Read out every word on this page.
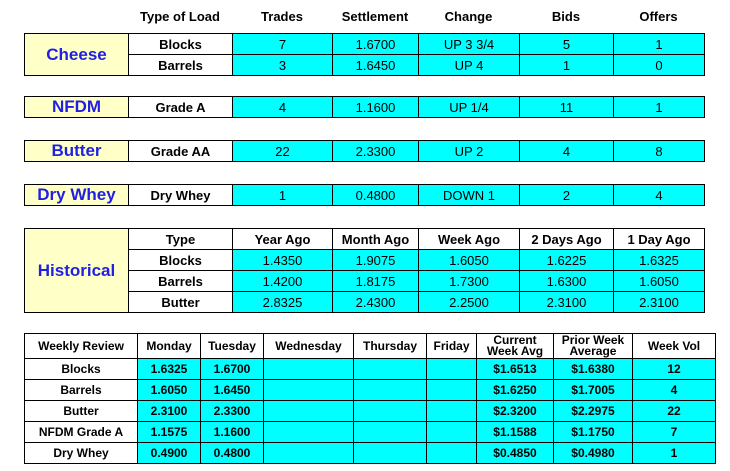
Type of Load	Trades	Settlement	Change	Bids	Offers
Cheese	Blocks	7	1.6700	UP 3 3/4	5	1
	Barrels	3	1.6450	UP 4	1	0
NFDM	Grade A	4	1.1600	UP 1/4	11	1
Butter	Grade AA	22	2.3300	UP 2	4	8
Dry Whey	Dry Whey	1	0.4800	DOWN 1	2	4
Historical	Type	Year Ago	Month Ago	Week Ago	2 Days Ago	1 Day Ago
	Blocks	1.4350	1.9075	1.6050	1.6225	1.6325
	Barrels	1.4200	1.8175	1.7300	1.6300	1.6050
	Butter	2.8325	2.4300	2.2500	2.3100	2.3100
Weekly Review	Monday	Tuesday	Wednesday	Thursday	Friday	Current Week Avg	Prior Week Average	Week Vol
Blocks	1.6325	1.6700				$1.6513	$1.6380	12
Barrels	1.6050	1.6450				$1.6250	$1.7005	4
Butter	2.3100	2.3300				$2.3200	$2.2975	22
NFDM Grade A	1.1575	1.1600				$1.1588	$1.1750	7
Dry Whey	0.4900	0.4800				$0.4850	$0.4980	1
